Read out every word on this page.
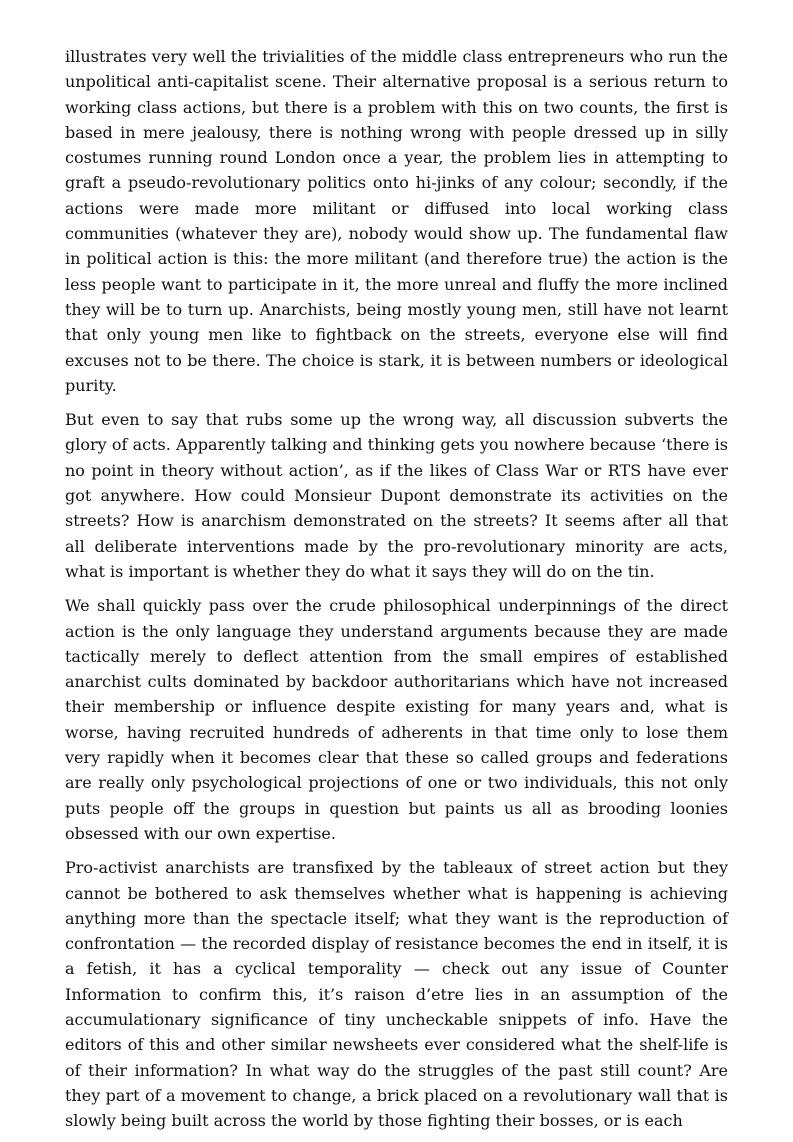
illustrates very well the trivialities of the middle class entrepreneurs who run the unpolitical anti-capitalist scene. Their alternative proposal is a serious return to working class actions, but there is a problem with this on two counts, the first is based in mere jealousy, there is nothing wrong with people dressed up in silly costumes running round London once a year, the problem lies in attempting to graft a pseudo-revolutionary politics onto hi-jinks of any colour; secondly, if the actions were made more militant or diffused into local working class communities (whatever they are), nobody would show up. The fundamental flaw in political action is this: the more militant (and therefore true) the action is the less people want to participate in it, the more unreal and fluffy the more inclined they will be to turn up. Anarchists, being mostly young men, still have not learnt that only young men like to fightback on the streets, everyone else will find excuses not to be there. The choice is stark, it is between numbers or ideological purity.

But even to say that rubs some up the wrong way, all discussion subverts the glory of acts. Apparently talking and thinking gets you nowhere because ‘there is no point in theory without action’, as if the likes of Class War or RTS have ever got anywhere. How could Monsieur Dupont demonstrate its activities on the streets? How is anarchism demonstrated on the streets? It seems after all that all deliberate interventions made by the pro-revolutionary minority are acts, what is important is whether they do what it says they will do on the tin.

We shall quickly pass over the crude philosophical underpinnings of the direct action is the only language they understand arguments because they are made tactically merely to deflect attention from the small empires of established anarchist cults dominated by backdoor authoritarians which have not increased their membership or influence despite existing for many years and, what is worse, having recruited hundreds of adherents in that time only to lose them very rapidly when it becomes clear that these so called groups and federations are really only psychological projections of one or two individuals, this not only puts people off the groups in question but paints us all as brooding loonies obsessed with our own expertise.

Pro-activist anarchists are transfixed by the tableaux of street action but they cannot be bothered to ask themselves whether what is happening is achieving anything more than the spectacle itself; what they want is the reproduction of confrontation — the recorded display of resistance becomes the end in itself, it is a fetish, it has a cyclical temporality — check out any issue of Counter Information to confirm this, it’s raison d’etre lies in an assumption of the accumulationary significance of tiny uncheckable snippets of info. Have the editors of this and other similar newsheets ever considered what the shelf-life is of their information? In what way do the struggles of the past still count? Are they part of a movement to change, a brick placed on a revolutionary wall that is slowly being built across the world by those fighting their bosses, or is each
